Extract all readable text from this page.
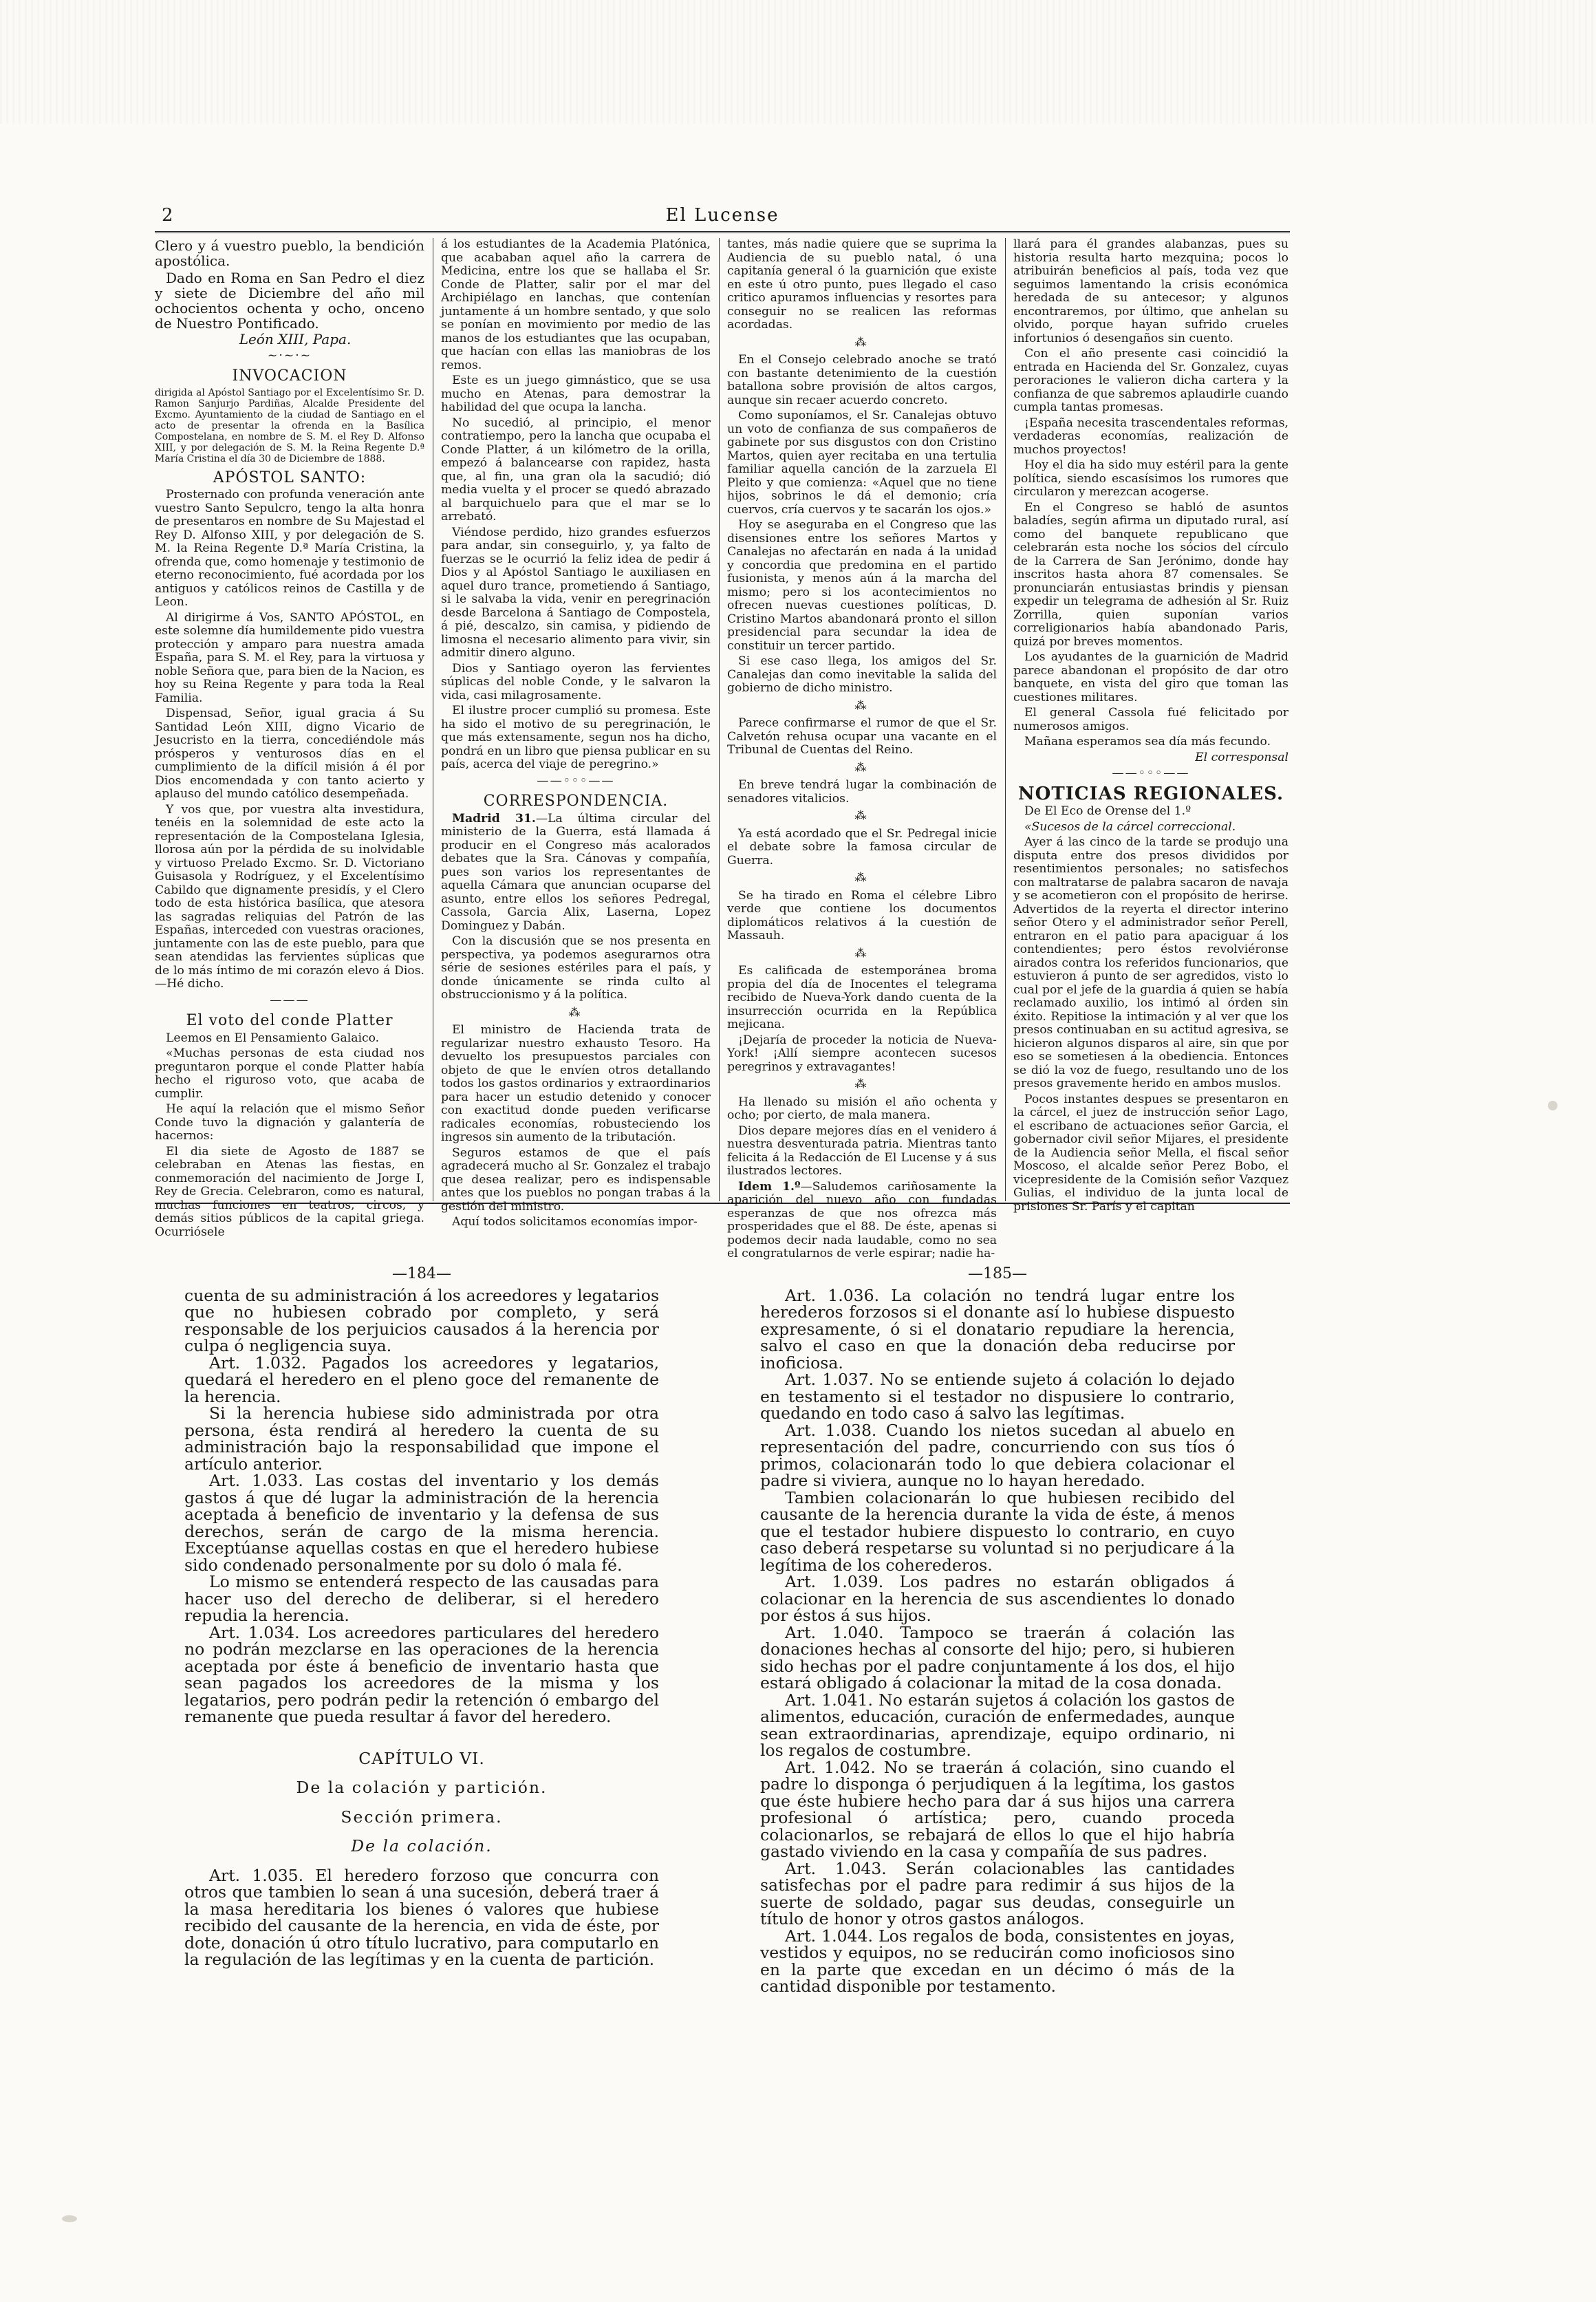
2	El Lucense

Clero y á vuestro pueblo, la bendición apostólica.

Dado en Roma en San Pedro el diez y siete de Diciembre del año mil ochocientos ochenta y ocho, onceno de Nuestro Pontificado.

León XIII, Papa.

~·~·~

INVOCACION

dirigida al Apóstol Santiago por el Excelentísimo Sr. D. Ramon Sanjurjo Pardiñas, Alcalde Presidente del Excmo. Ayuntamiento de la ciudad de Santiago en el acto de presentar la ofrenda en la Basílica Compostelana, en nombre de S. M. el Rey D. Alfonso XIII, y por delegación de S. M. la Reina Regente D.ª María Cristina el día 30 de Diciembre de 1888.

APÓSTOL SANTO:

Prosternado con profunda veneración ante vuestro Santo Sepulcro, tengo la alta honra de presentaros en nombre de Su Majestad el Rey D. Alfonso XIII, y por delegación de S. M. la Reina Regente D.ª María Cristina, la ofrenda que, como homenaje y testimonio de eterno reconocimiento, fué acordada por los antiguos y católicos reinos de Castilla y de Leon.

Al dirigirme á Vos, SANTO APÓSTOL, en este solemne día humildemente pido vuestra protección y amparo para nuestra amada España, para S. M. el Rey, para la virtuosa y noble Señora que, para bien de la Nacion, es hoy su Reina Regente y para toda la Real Familia.

Dispensad, Señor, igual gracia á Su Santidad León XIII, digno Vicario de Jesucristo en la tierra, concediéndole más prósperos y venturosos días en el cumplimiento de la difícil misión á él por Dios encomendada y con tanto acierto y aplauso del mundo católico desempeñada.

Y vos que, por vuestra alta investidura, tenéis en la solemnidad de este acto la representación de la Compostelana Iglesia, llorosa aún por la pérdida de su inolvidable y virtuoso Prelado Excmo. Sr. D. Victoriano Guisasola y Rodríguez, y el Excelentísimo Cabildo que dignamente presidís, y el Clero todo de esta histórica basílica, que atesora las sagradas reliquias del Patrón de las Españas, interceded con vuestras oraciones, juntamente con las de este pueblo, para que sean atendidas las fervientes súplicas que de lo más íntimo de mi corazón elevo á Dios.—Hé dicho.

———

El voto del conde Platter

Leemos en El Pensamiento Galaico.

«Muchas personas de esta ciudad nos preguntaron porque el conde Platter había hecho el riguroso voto, que acaba de cumplir.

He aquí la relación que el mismo Señor Conde tuvo la dignación y galantería de hacernos:

El dia siete de Agosto de 1887 se celebraban en Atenas las fiestas, en conmemoración del nacimiento de Jorge I, Rey de Grecia. Celebraron, como es natural, muchas funciones en teatros, circos, y demás sitios públicos de la capital griega. Ocurriósele

á los estudiantes de la Academia Platónica, que acababan aquel año la carrera de Medicina, entre los que se hallaba el Sr. Conde de Platter, salir por el mar del Archipiélago en lanchas, que contenían juntamente á un hombre sentado, y que solo se ponían en movimiento por medio de las manos de los estudiantes que las ocupaban, que hacían con ellas las maniobras de los remos.

Este es un juego gimnástico, que se usa mucho en Atenas, para demostrar la habilidad del que ocupa la lancha.

No sucedió, al principio, el menor contratiempo, pero la lancha que ocupaba el Conde Platter, á un kilómetro de la orilla, empezó á balancearse con rapidez, hasta que, al fin, una gran ola la sacudió; dió media vuelta y el procer se quedó abrazado al barquichuelo para que el mar se lo arrebató.

Viéndose perdido, hizo grandes esfuerzos para andar, sin conseguirlo, y, ya falto de fuerzas se le ocurrió la feliz idea de pedir á Dios y al Apóstol Santiago le auxiliasen en aquel duro trance, prometiendo á Santiago, si le salvaba la vida, venir en peregrinación desde Barcelona á Santiago de Compostela, á pié, descalzo, sin camisa, y pidiendo de limosna el necesario alimento para vivir, sin admitir dinero alguno.

Dios y Santiago oyeron las fervientes súplicas del noble Conde, y le salvaron la vida, casi milagrosamente.

El ilustre procer cumplió su promesa. Este ha sido el motivo de su peregrinación, le que más extensamente, segun nos ha dicho, pondrá en un libro que piensa publicar en su país, acerca del viaje de peregrino.»

——◦◦◦——

CORRESPONDENCIA.

Madrid 31.—La última circular del ministerio de la Guerra, está llamada á producir en el Congreso más acalorados debates que la Sra. Cánovas y compañía, pues son varios los representantes de aquella Cámara que anuncian ocuparse del asunto, entre ellos los señores Pedregal, Cassola, Garcia Alix, Laserna, Lopez Dominguez y Dabán.

Con la discusión que se nos presenta en perspectiva, ya podemos asegurarnos otra série de sesiones estériles para el país, y donde únicamente se rinda culto al obstruccionismo y á la política.

⁂

El ministro de Hacienda trata de regularizar nuestro exhausto Tesoro. Ha devuelto los presupuestos parciales con objeto de que le envíen otros detallando todos los gastos ordinarios y extraordinarios para hacer un estudio detenido y conocer con exactitud donde pueden verificarse radicales economías, robusteciendo los ingresos sin aumento de la tributación.

Seguros estamos de que el país agradecerá mucho al Sr. Gonzalez el trabajo que desea realizar, pero es indispensable antes que los pueblos no pongan trabas á la gestión del ministro.

Aquí todos solicitamos economías impor-

tantes, más nadie quiere que se suprima la Audiencia de su pueblo natal, ó una capitanía general ó la guarnición que existe en este ú otro punto, pues llegado el caso critico apuramos influencias y resortes para conseguir no se realicen las reformas acordadas.

⁂

En el Consejo celebrado anoche se trató con bastante detenimiento de la cuestión batallona sobre provisión de altos cargos, aunque sin recaer acuerdo concreto.

Como suponíamos, el Sr. Canalejas obtuvo un voto de confianza de sus compañeros de gabinete por sus disgustos con don Cristino Martos, quien ayer recitaba en una tertulia familiar aquella canción de la zarzuela El Pleito y que comienza: «Aquel que no tiene hijos, sobrinos le dá el demonio; cría cuervos, cría cuervos y te sacarán los ojos.»

Hoy se aseguraba en el Congreso que las disensiones entre los señores Martos y Canalejas no afectarán en nada á la unidad y concordia que predomina en el partido fusionista, y menos aún á la marcha del mismo; pero si los acontecimientos no ofrecen nuevas cuestiones políticas, D. Cristino Martos abandonará pronto el sillon presidencial para secundar la idea de constituir un tercer partido.

Si ese caso llega, los amigos del Sr. Canalejas dan como inevitable la salida del gobierno de dicho ministro.

⁂

Parece confirmarse el rumor de que el Sr. Calvetón rehusa ocupar una vacante en el Tribunal de Cuentas del Reino.

⁂

En breve tendrá lugar la combinación de senadores vitalicios.

⁂

Ya está acordado que el Sr. Pedregal inicie el debate sobre la famosa circular de Guerra.

⁂

Se ha tirado en Roma el célebre Libro verde que contiene los documentos diplomáticos relativos á la cuestión de Massauh.

⁂

Es calificada de estemporánea broma propia del día de Inocentes el telegrama recibido de Nueva-York dando cuenta de la insurrección ocurrida en la República mejicana.

¡Dejaría de proceder la noticia de Nueva-York! ¡Allí siempre acontecen sucesos peregrinos y extravagantes!

⁂

Ha llenado su misión el año ochenta y ocho; por cierto, de mala manera.

Dios depare mejores días en el venidero á nuestra desventurada patria. Mientras tanto felicita á la Redacción de El Lucense y á sus ilustrados lectores.

Idem 1.º—Saludemos cariñosamente la aparición del nuevo año con fundadas esperanzas de que nos ofrezca más prosperidades que el 88. De éste, apenas si podemos decir nada laudable, como no sea el congratularnos de verle espirar; nadie ha-

llará para él grandes alabanzas, pues su historia resulta harto mezquina; pocos lo atribuirán beneficios al país, toda vez que seguimos lamentando la crisis económica heredada de su antecesor; y algunos encontraremos, por último, que anhelan su olvido, porque hayan sufrido crueles infortunios ó desengaños sin cuento.

Con el año presente casi coincidió la entrada en Hacienda del Sr. Gonzalez, cuyas peroraciones le valieron dicha cartera y la confianza de que sabremos aplaudirle cuando cumpla tantas promesas.

¡España necesita trascendentales reformas, verdaderas economías, realización de muchos proyectos!

Hoy el dia ha sido muy estéril para la gente política, siendo escasísimos los rumores que circularon y merezcan acogerse.

En el Congreso se habló de asuntos baladíes, según afirma un diputado rural, así como del banquete republicano que celebrarán esta noche los sócios del círculo de la Carrera de San Jerónimo, donde hay inscritos hasta ahora 87 comensales. Se pronunciarán entusiastas brindis y piensan expedir un telegrama de adhesión al Sr. Ruiz Zorrilla, quien suponían varios correligionarios había abandonado Paris, quizá por breves momentos.

Los ayudantes de la guarnición de Madrid parece abandonan el propósito de dar otro banquete, en vista del giro que toman las cuestiones militares.

El general Cassola fué felicitado por numerosos amigos.

Mañana esperamos sea día más fecundo.

El corresponsal

——◦◦◦——

NOTICIAS REGIONALES.

De El Eco de Orense del 1.º

«Sucesos de la cárcel correccional.

Ayer á las cinco de la tarde se produjo una disputa entre dos presos divididos por resentimientos personales; no satisfechos con maltratarse de palabra sacaron de navaja y se acometieron con el propósito de herirse. Advertidos de la reyerta el director interino señor Otero y el administrador señor Perell, entraron en el patio para apaciguar á los contendientes; pero éstos revolviéronse airados contra los referidos funcionarios, que estuvieron á punto de ser agredidos, visto lo cual por el jefe de la guardia á quien se había reclamado auxilio, los intimó al órden sin éxito. Repitiose la intimación y al ver que los presos continuaban en su actitud agresiva, se hicieron algunos disparos al aire, sin que por eso se sometiesen á la obediencia. Entonces se dió la voz de fuego, resultando uno de los presos gravemente herido en ambos muslos.

Pocos instantes despues se presentaron en la cárcel, el juez de instrucción señor Lago, el escribano de actuaciones señor Garcia, el gobernador civil señor Mijares, el presidente de la Audiencia señor Mella, el fiscal señor Moscoso, el alcalde señor Perez Bobo, el vicepresidente de la Comisión señor Vazquez Gulias, el individuo de la junta local de prisiones Sr. París y el capitan

—184—

cuenta de su administración á los acreedores y legatarios que no hubiesen cobrado por completo, y será responsable de los perjuicios causados á la herencia por culpa ó negligencia suya.

Art. 1.032. Pagados los acreedores y legatarios, quedará el heredero en el pleno goce del remanente de la herencia.

Si la herencia hubiese sido administrada por otra persona, ésta rendirá al heredero la cuenta de su administración bajo la responsabilidad que impone el artículo anterior.

Art. 1.033. Las costas del inventario y los demás gastos á que dé lugar la administración de la herencia aceptada á beneficio de inventario y la defensa de sus derechos, serán de cargo de la misma herencia. Exceptúanse aquellas costas en que el heredero hubiese sido condenado personalmente por su dolo ó mala fé.

Lo mismo se entenderá respecto de las causadas para hacer uso del derecho de deliberar, si el heredero repudia la herencia.

Art. 1.034. Los acreedores particulares del heredero no podrán mezclarse en las operaciones de la herencia aceptada por éste á beneficio de inventario hasta que sean pagados los acreedores de la misma y los legatarios, pero podrán pedir la retención ó embargo del remanente que pueda resultar á favor del heredero.

CAPÍTULO VI.

De la colación y partición.

Sección primera.

De la colación.

Art. 1.035. El heredero forzoso que concurra con otros que tambien lo sean á una sucesión, deberá traer á la masa hereditaria los bienes ó valores que hubiese recibido del causante de la herencia, en vida de éste, por dote, donación ú otro título lucrativo, para computarlo en la regulación de las legítimas y en la cuenta de partición.

—185—

Art. 1.036. La colación no tendrá lugar entre los herederos forzosos si el donante así lo hubiese dispuesto expresamente, ó si el donatario repudiare la herencia, salvo el caso en que la donación deba reducirse por inoficiosa.

Art. 1.037. No se entiende sujeto á colación lo dejado en testamento si el testador no dispusiere lo contrario, quedando en todo caso á salvo las legítimas.

Art. 1.038. Cuando los nietos sucedan al abuelo en representación del padre, concurriendo con sus tíos ó primos, colacionarán todo lo que debiera colacionar el padre si viviera, aunque no lo hayan heredado.

Tambien colacionarán lo que hubiesen recibido del causante de la herencia durante la vida de éste, á menos que el testador hubiere dispuesto lo contrario, en cuyo caso deberá respetarse su voluntad si no perjudicare á la legítima de los coherederos.

Art. 1.039. Los padres no estarán obligados á colacionar en la herencia de sus ascendientes lo donado por éstos á sus hijos.

Art. 1.040. Tampoco se traerán á colación las donaciones hechas al consorte del hijo; pero, si hubieren sido hechas por el padre conjuntamente á los dos, el hijo estará obligado á colacionar la mitad de la cosa donada.

Art. 1.041. No estarán sujetos á colación los gastos de alimentos, educación, curación de enfermedades, aunque sean extraordinarias, aprendizaje, equipo ordinario, ni los regalos de costumbre.

Art. 1.042. No se traerán á colación, sino cuando el padre lo disponga ó perjudiquen á la legítima, los gastos que éste hubiere hecho para dar á sus hijos una carrera profesional ó artística; pero, cuando proceda colacionarlos, se rebajará de ellos lo que el hijo habría gastado viviendo en la casa y compañía de sus padres.

Art. 1.043. Serán colacionables las cantidades satisfechas por el padre para redimir á sus hijos de la suerte de soldado, pagar sus deudas, conseguirle un título de honor y otros gastos análogos.

Art. 1.044. Los regalos de boda, consistentes en joyas, vestidos y equipos, no se reducirán como inoficiosos sino en la parte que excedan en un décimo ó más de la cantidad disponible por testamento.
